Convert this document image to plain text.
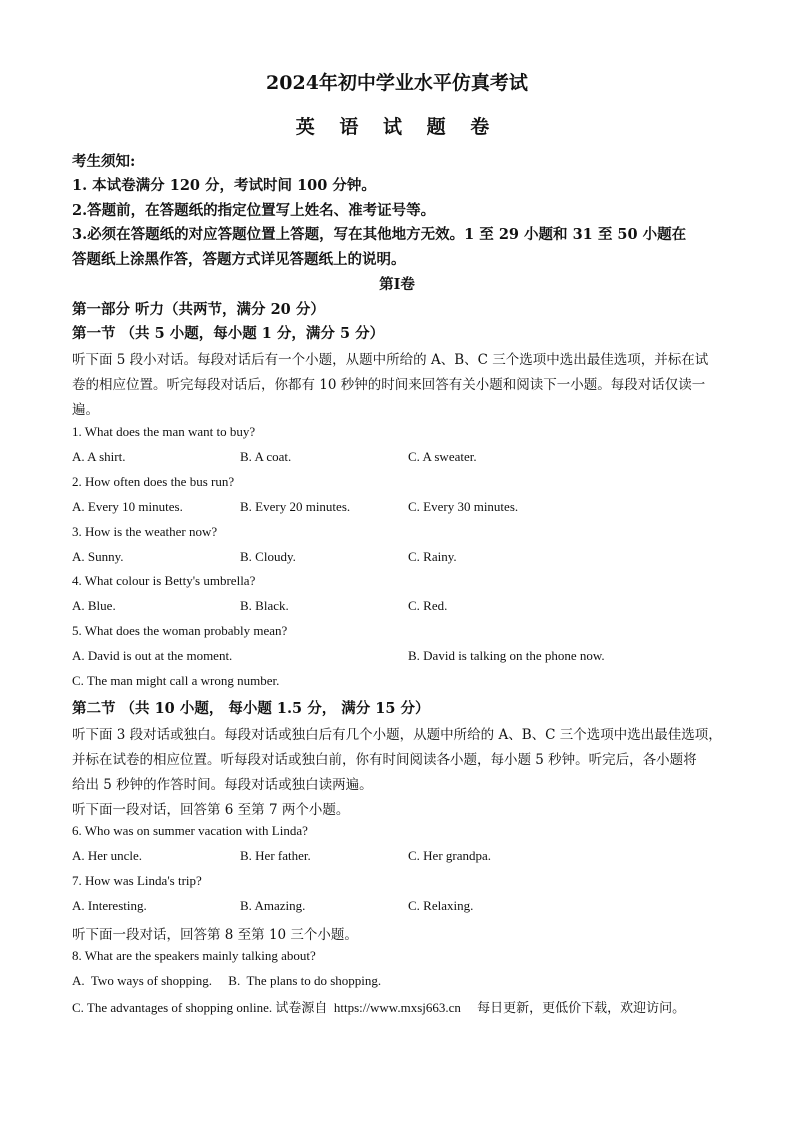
2024年初中学业水平仿真考试
英 语 试 题 卷
考生须知:
1. 本试卷满分 120 分，考试时间 100 分钟。
2.答题前，在答题纸的指定位置写上姓名、准考证号等。
3.必须在答题纸的对应答题位置上答题，写在其他地方无效。1 至 29 小题和 31 至 50 小题在
答题纸上涂黑作答，答题方式详见答题纸上的说明。
第Ⅰ卷
第一部分 听力（共两节，满分 20 分）
第一节 （共 5 小题，每小题 1 分，满分 5 分）
听下面 5 段小对话。每段对话后有一个小题，从题中所给的 A、B、C 三个选项中选出最佳选项，并标在试
卷的相应位置。听完每段对话后，你都有 10 秒钟的时间来回答有关小题和阅读下一小题。每段对话仅读一
遍。
1. What does the man want to buy?
A. A shirt.	B. A coat.	C. A sweater.
2. How often does the bus run?
A. Every 10 minutes.	B. Every 20 minutes.	C. Every 30 minutes.
3. How is the weather now?
A. Sunny.	B. Cloudy.	C. Rainy.
4. What colour is Betty's umbrella?
A. Blue.	B. Black.	C. Red.
5. What does the woman probably mean?
A. David is out at the moment.	B. David is talking on the phone now.
C. The man might call a wrong number.
第二节 （共 10 小题， 每小题 1.5 分， 满分 15 分）
听下面 3 段对话或独白。每段对话或独白后有几个小题，从题中所给的 A、B、C 三个选项中选出最佳选项，
并标在试卷的相应位置。听每段对话或独白前，你有时间阅读各小题，每小题 5 秒钟。听完后，各小题将
给出 5 秒钟的作答时间。每段对话或独白读两遍。
听下面一段对话，回答第 6 至第 7 两个小题。
6. Who was on summer vacation with Linda?
A. Her uncle.	B. Her father.	C. Her grandpa.
7. How was Linda's trip?
A. Interesting.	B. Amazing.	C. Relaxing.
听下面一段对话，回答第 8 至第 10 三个小题。
8. What are the speakers mainly talking about?
A.  Two ways of shopping.     B.  The plans to do shopping.
C. The advantages of shopping online. 试卷源自  https://www.mxsj663.cn     每日更新，更低价下载，欢迎访问。
